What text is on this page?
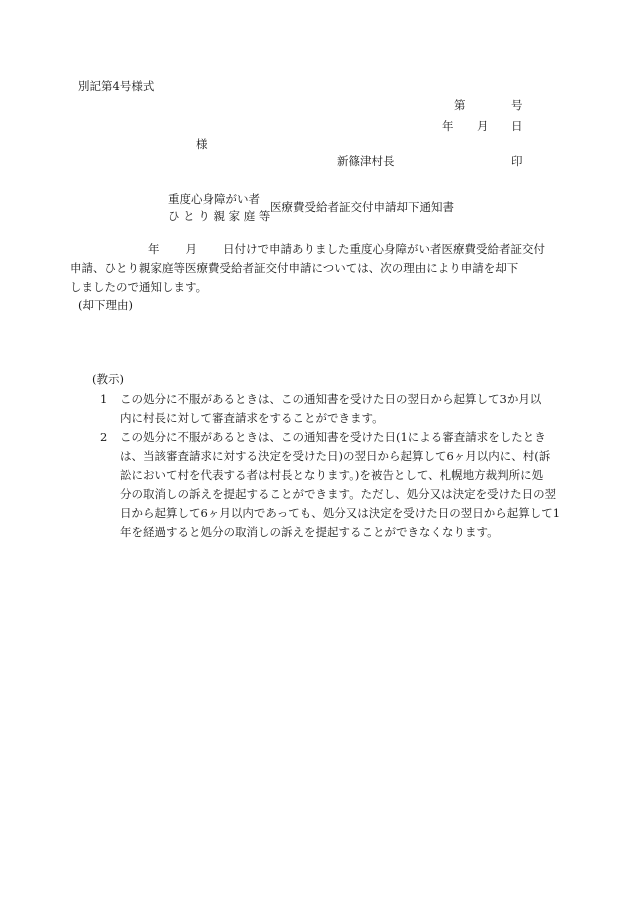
別記第4号様式
第	号
年 月 日
様
新篠津村長	印
重度心身障がい者
ひ と り 親 家 庭 等
医療費受給者証交付申請却下通知書
年 月 日付けで申請ありました重度心身障がい者医療費受給者証交付
申請、ひとり親家庭等医療費受給者証交付申請については、次の理由により申請を却下
しましたので通知します。
(却下理由)
(教示)
1 この処分に不服があるときは、この通知書を受けた日の翌日から起算して3か月以
内に村長に対して審査請求をすることができます。
2 この処分に不服があるときは、この通知書を受けた日(1による審査請求をしたとき
は、当該審査請求に対する決定を受けた日)の翌日から起算して6ヶ月以内に、村(訴
訟において村を代表する者は村長となります。)を被告として、札幌地方裁判所に処
分の取消しの訴えを提起することができます。ただし、処分又は決定を受けた日の翌
日から起算して6ヶ月以内であっても、処分又は決定を受けた日の翌日から起算して1
年を経過すると処分の取消しの訴えを提起することができなくなります。
